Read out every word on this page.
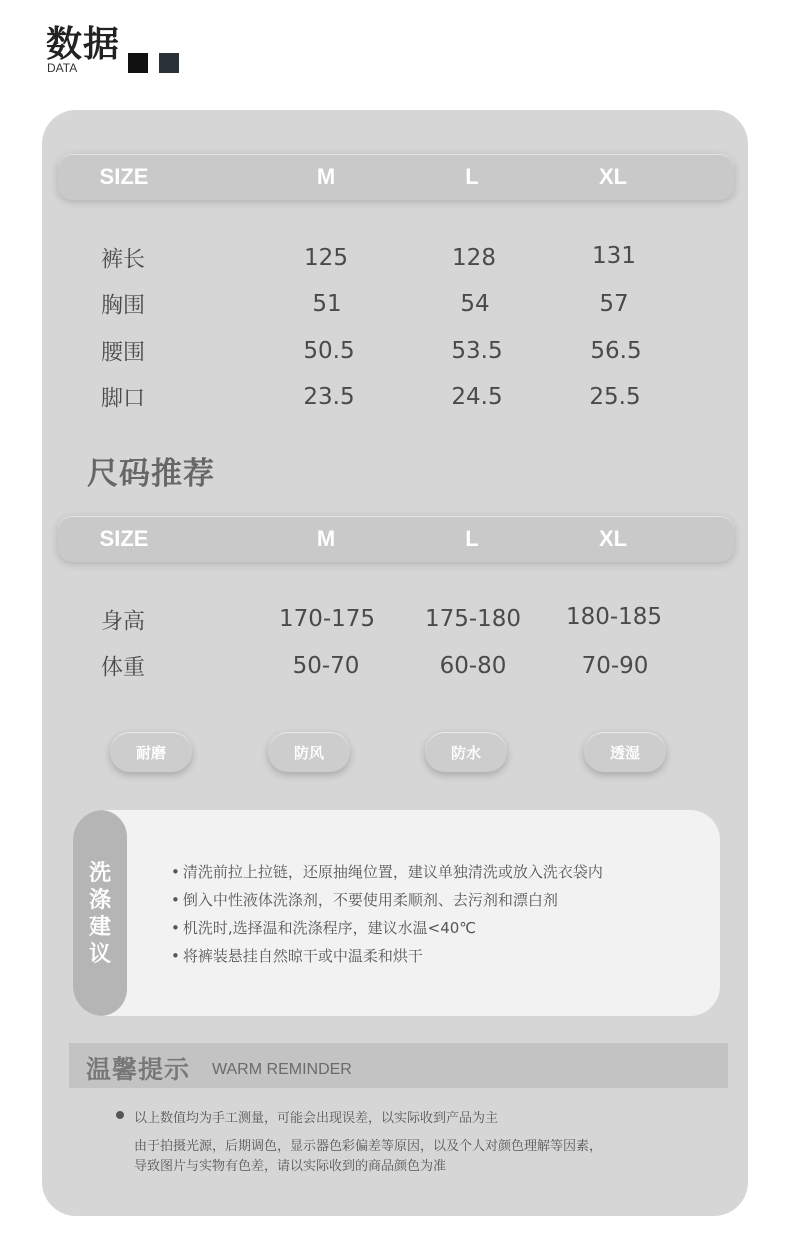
数据
DATA
SIZE	M	L	XL
裤长	125	128	131
胸围	51	54	57
腰围	50.5	53.5	56.5
脚口	23.5	24.5	25.5
尺码推荐
SIZE	M	L	XL
身高	170-175 175-180 180-185
体重	50-70	60-80	70-90
耐磨	防风	防水	透湿
洗
涤
建
议
• 清洗前拉上拉链，还原抽绳位置，建议单独清洗或放入洗衣袋内
• 倒入中性液体洗涤剂，不要使用柔顺剂、去污剂和漂白剂
• 机洗时,选择温和洗涤程序，建议水温<40℃
• 将裤装悬挂自然晾干或中温柔和烘干
温馨提示 WARM REMINDER
以上数值均为手工测量，可能会出现误差，以实际收到产品为主
由于拍摄光源，后期调色，显示器色彩偏差等原因，以及个人对颜色理解等因素，
导致图片与实物有色差，请以实际收到的商品颜色为准
